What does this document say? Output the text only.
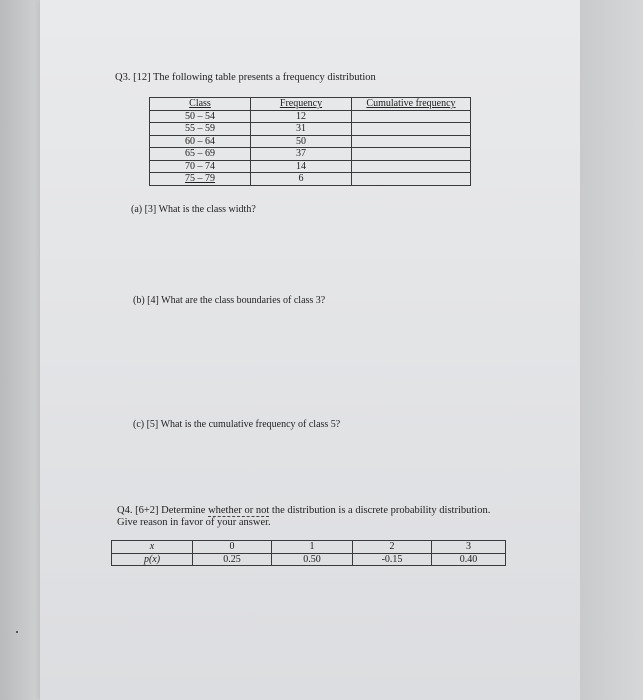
Q3. [12] The following table presents a frequency distribution
Class	Frequency	Cumulative frequency
50 – 54	12	
55 – 59	31	
60 – 64	50	
65 – 69	37	
70 – 74	14	
75 – 79	6	
(a) [3] What is the class width?
(b) [4] What are the class boundaries of class 3?
(c) [5] What is the cumulative frequency of class 5?
Q4. [6+2] Determine whether or not the distribution is a discrete probability distribution.
Give reason in favor of your answer.
x	0	1	2	3
p(x)	0.25	0.50	-0.15	0.40
